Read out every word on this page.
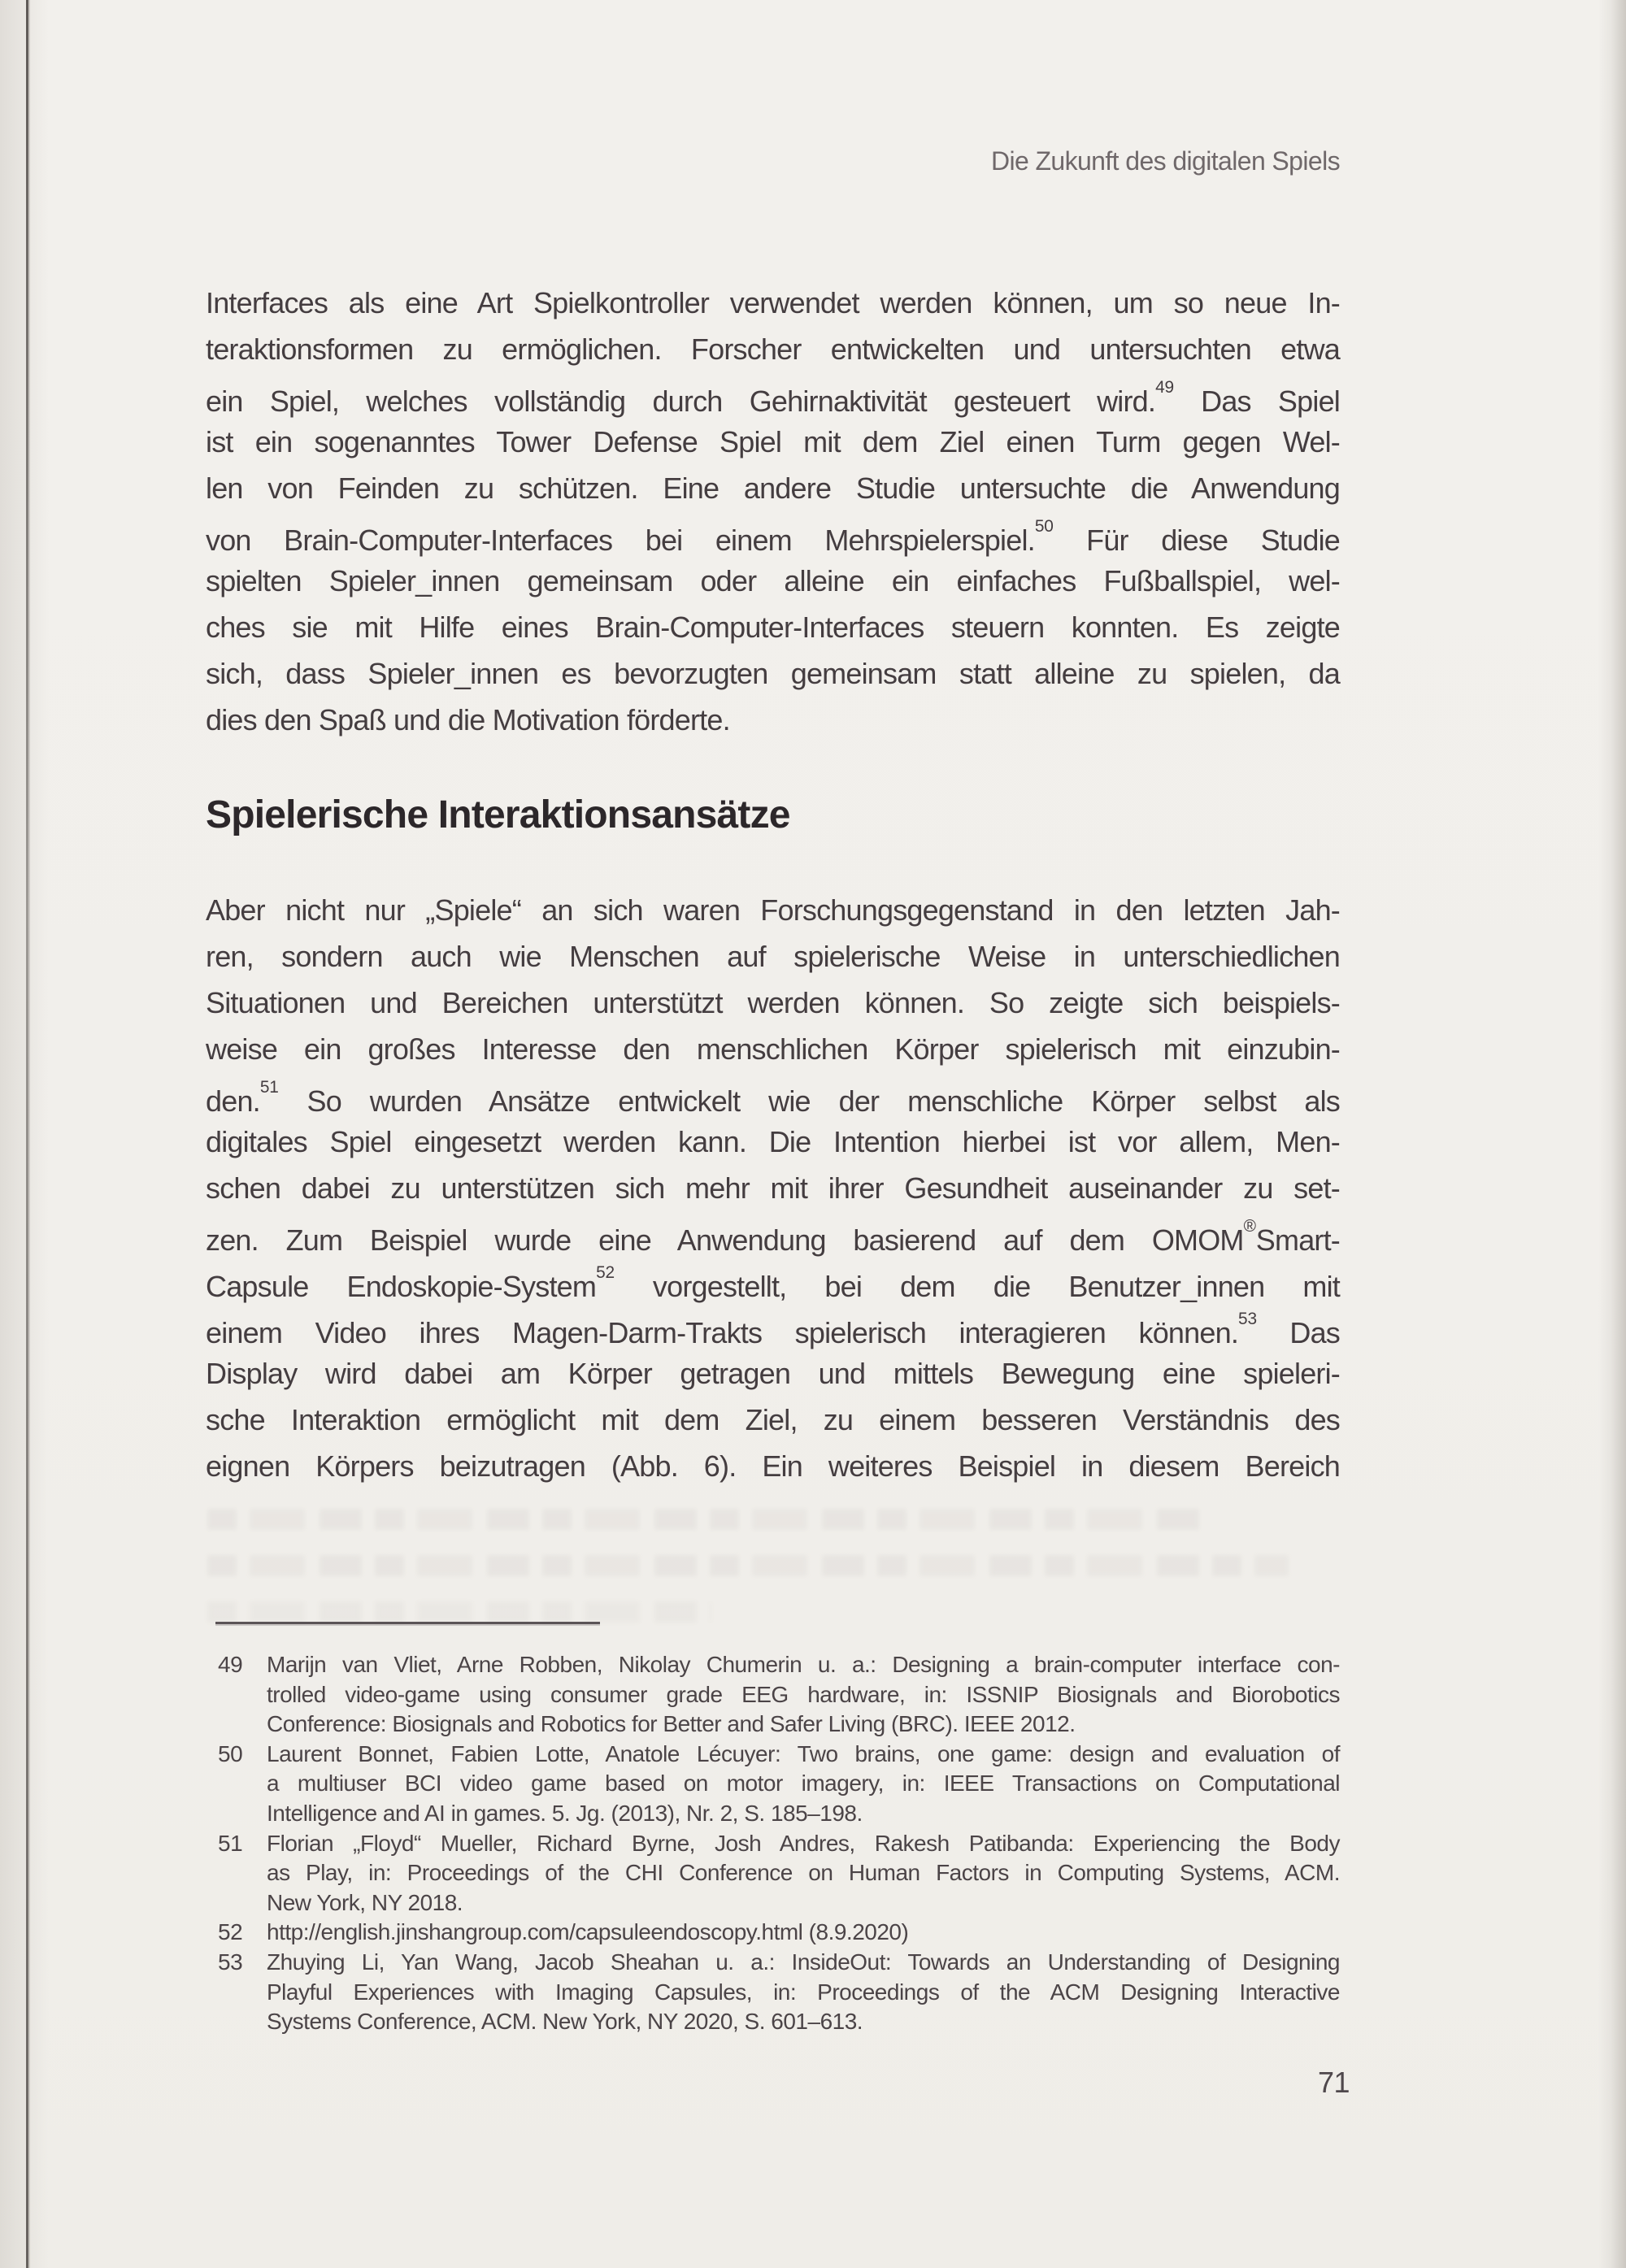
Die Zukunft des digitalen Spiels
Interfaces als eine Art Spielkontroller verwendet werden können, um so neue In-
teraktionsformen zu ermöglichen. Forscher entwickelten und untersuchten etwa
ein Spiel, welches vollständig durch Gehirnaktivität gesteuert wird.$^{49}$ Das Spiel
ist ein sogenanntes Tower Defense Spiel mit dem Ziel einen Turm gegen Wel-
len von Feinden zu schützen. Eine andere Studie untersuchte die Anwendung
von Brain-Computer-Interfaces bei einem Mehrspielerspiel.$^{50}$ Für diese Studie
spielten Spieler_innen gemeinsam oder alleine ein einfaches Fußballspiel, wel-
ches sie mit Hilfe eines Brain-Computer-Interfaces steuern konnten. Es zeigte
sich, dass Spieler_innen es bevorzugten gemeinsam statt alleine zu spielen, da
dies den Spaß und die Motivation förderte.
Spielerische Interaktionsansätze
Aber nicht nur „Spiele“ an sich waren Forschungsgegenstand in den letzten Jah-
ren, sondern auch wie Menschen auf spielerische Weise in unterschiedlichen
Situationen und Bereichen unterstützt werden können. So zeigte sich beispiels-
weise ein großes Interesse den menschlichen Körper spielerisch mit einzubin-
den.$^{51}$ So wurden Ansätze entwickelt wie der menschliche Körper selbst als
digitales Spiel eingesetzt werden kann. Die Intention hierbei ist vor allem, Men-
schen dabei zu unterstützen sich mehr mit ihrer Gesundheit auseinander zu set-
zen. Zum Beispiel wurde eine Anwendung basierend auf dem OMOM®Smart-
Capsule Endoskopie-System$^{52}$ vorgestellt, bei dem die Benutzer_innen mit
einem Video ihres Magen-Darm-Trakts spielerisch interagieren können.$^{53}$ Das
Display wird dabei am Körper getragen und mittels Bewegung eine spieleri-
sche Interaktion ermöglicht mit dem Ziel, zu einem besseren Verständnis des
eignen Körpers beizutragen (Abb. 6). Ein weiteres Beispiel in diesem Bereich
49	Marijn van Vliet, Arne Robben, Nikolay Chumerin u. a.: Designing a brain-computer interface con-
trolled video-game using consumer grade EEG hardware, in: ISSNIP Biosignals and Biorobotics
Conference: Biosignals and Robotics for Better and Safer Living (BRC). IEEE 2012.
50	Laurent Bonnet, Fabien Lotte, Anatole Lécuyer: Two brains, one game: design and evaluation of
a multiuser BCI video game based on motor imagery, in: IEEE Transactions on Computational
Intelligence and AI in games. 5. Jg. (2013), Nr. 2, S. 185–198.
51	Florian „Floyd“ Mueller, Richard Byrne, Josh Andres, Rakesh Patibanda: Experiencing the Body
as Play, in: Proceedings of the CHI Conference on Human Factors in Computing Systems, ACM.
New York, NY 2018.
52	http://english.jinshangroup.com/capsuleendoscopy.html (8.9.2020)
53	Zhuying Li, Yan Wang, Jacob Sheahan u. a.: InsideOut: Towards an Understanding of Designing
Playful Experiences with Imaging Capsules, in: Proceedings of the ACM Designing Interactive
Systems Conference, ACM. New York, NY 2020, S. 601–613.
71
